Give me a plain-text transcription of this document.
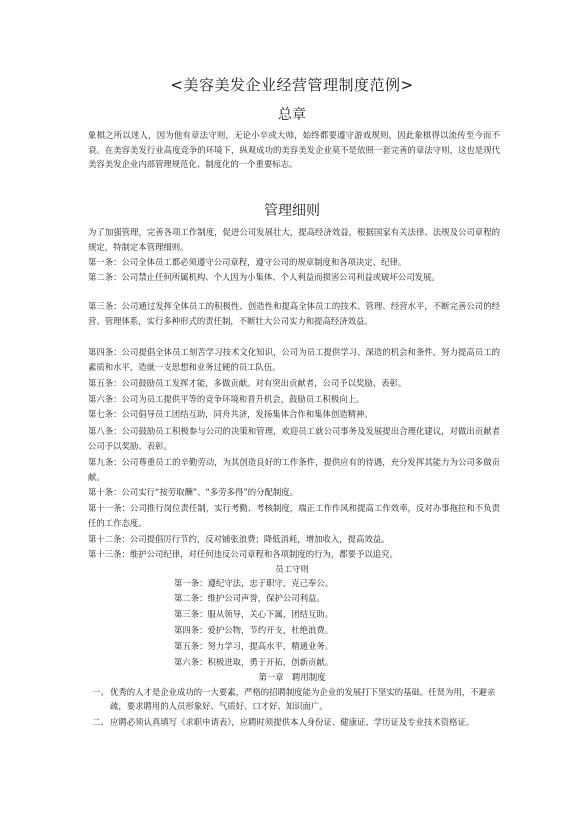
<美容美发企业经营管理制度范例>
总章
象棋之所以迷人，因为他有章法守则，无论小卒或大帅，始终都要遵守游戏规则，因此象棋得以流传至今而不衰。在美容美发行业高度竞争的环境下，纵观成功的美容美发企业莫不是依照一套完善的章法守则，这也是现代美容美发企业内部管理规范化、制度化的一个重要标志。
管理细则
为了加强管理，完善各项工作制度，促进公司发展壮大，提高经济效益，根据国家有关法律、法规及公司章程的规定，特制定本管理细则。
第一条：公司全体员工都必须遵守公司章程，遵守公司的规章制度和各项决定、纪律。
第二条：公司禁止任何所属机构、个人因为小集体、个人利益而损害公司利益或破坏公司发展。
第三条：公司通过发挥全体员工的积极性、创造性和提高全体员工的技术、管理、经营水平，不断完善公司的经营、管理体系，实行多种形式的责任制，不断壮大公司实力和提高经济效益。
第四条：公司提倡全体员工刻苦学习技术文化知识，公司为员工提供学习、深造的机会和条件，努力提高员工的素质和水平，造就一支思想和业务过硬的员工队伍。
第五条：公司鼓励员工发挥才能，多做贡献。对有突出贡献者，公司予以奖励、表彰。
第六条：公司为员工提供平等的竞争环境和晋升机会，鼓励员工积极向上。
第七条：公司倡导员工团结互助，同舟共济，发扬集体合作和集体创造精神。
第八条：公司鼓励员工积极参与公司的决策和管理，欢迎员工就公司事务及发展提出合理化建议，对做出贡献者公司予以奖励、表彰。
第九条：公司尊重员工的辛勤劳动，为其创造良好的工作条件，提供应有的待遇，充分发挥其能力为公司多做贡献。
第十条：公司实行“按劳取酬”、“多劳多得”的分配制度。
第十一条：公司推行岗位责任制，实行考勤、考核制度，端正工作作风和提高工作效率，反对办事拖拉和不负责任的工作态度。
第十二条：公司提倡厉行节约，反对铺张浪费；降低消耗，增加收入，提高效益。
第十三条：维护公司纪律，对任何违反公司章程和各项制度的行为，都要予以追究。
员工守则
第一条：遵纪守法，忠于职守，克己奉公。
第二条：维护公司声誉，保护公司利益。
第三条：服从领导，关心下属，团结互助。
第四条：爱护公物，节约开支，杜绝浪费。
第五条：努力学习，提高水平，精通业务。
第六条：积极进取，勇于开拓，创新贡献。
第一章　聘用制度
一、 优秀的人才是企业成功的一大要素，严格的招聘制度能为企业的发展打下坚实的基础。任贤为用，不避亲疏，要求聘用的人员形象好、气质好、口才好、知识面广。
二、 应聘必须认真填写《求职申请表》，应聘时须提供本人身份证、健康证、学历证及专业技术资格证。
